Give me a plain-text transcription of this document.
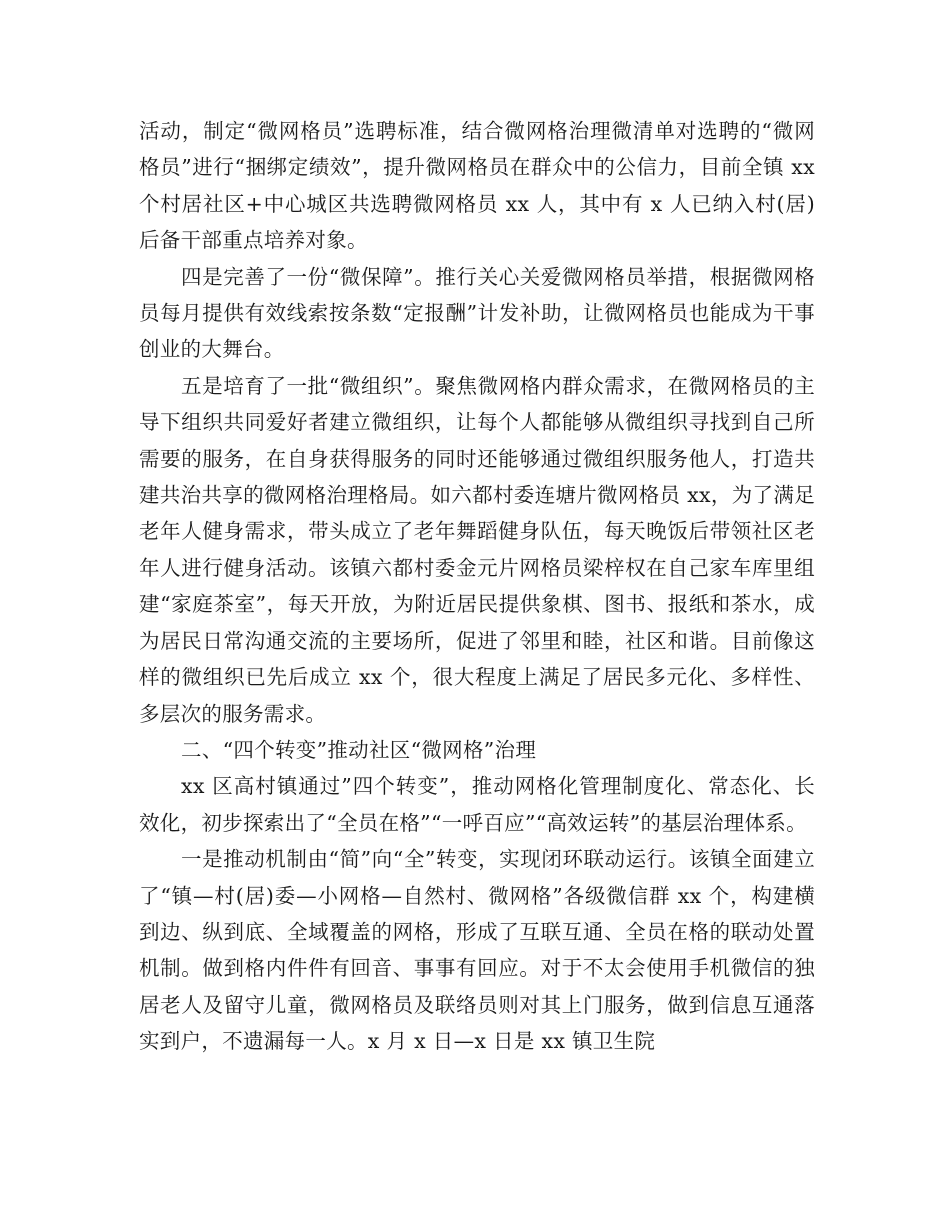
活动，制定“微网格员”选聘标准，结合微网格治理微清单对选聘的“微网格员”进行“捆绑定绩效”，提升微网格员在群众中的公信力，目前全镇 xx 个村居社区+中心城区共选聘微网格员 xx 人，其中有 x 人已纳入村(居)后备干部重点培养对象。

四是完善了一份“微保障”。推行关心关爱微网格员举措，根据微网格员每月提供有效线索按条数“定报酬”计发补助，让微网格员也能成为干事创业的大舞台。

五是培育了一批“微组织”。聚焦微网格内群众需求，在微网格员的主导下组织共同爱好者建立微组织，让每个人都能够从微组织寻找到自己所需要的服务，在自身获得服务的同时还能够通过微组织服务他人，打造共建共治共享的微网格治理格局。如六都村委连塘片微网格员 xx，为了满足老年人健身需求，带头成立了老年舞蹈健身队伍，每天晚饭后带领社区老年人进行健身活动。该镇六都村委金元片网格员梁梓权在自己家车库里组建“家庭茶室”，每天开放，为附近居民提供象棋、图书、报纸和茶水，成为居民日常沟通交流的主要场所，促进了邻里和睦，社区和谐。目前像这样的微组织已先后成立 xx 个，很大程度上满足了居民多元化、多样性、多层次的服务需求。

二、“四个转变”推动社区“微网格”治理

xx 区高村镇通过”四个转变”，推动网格化管理制度化、常态化、长效化，初步探索出了“全员在格”“一呼百应”“高效运转”的基层治理体系。

一是推动机制由“简”向“全”转变，实现闭环联动运行。该镇全面建立了“镇—村(居)委—小网格—自然村、微网格”各级微信群 xx 个，构建横到边、纵到底、全域覆盖的网格，形成了互联互通、全员在格的联动处置机制。做到格内件件有回音、事事有回应。对于不太会使用手机微信的独居老人及留守儿童，微网格员及联络员则对其上门服务，做到信息互通落实到户，不遗漏每一人。x 月 x 日—x 日是 xx 镇卫生院
